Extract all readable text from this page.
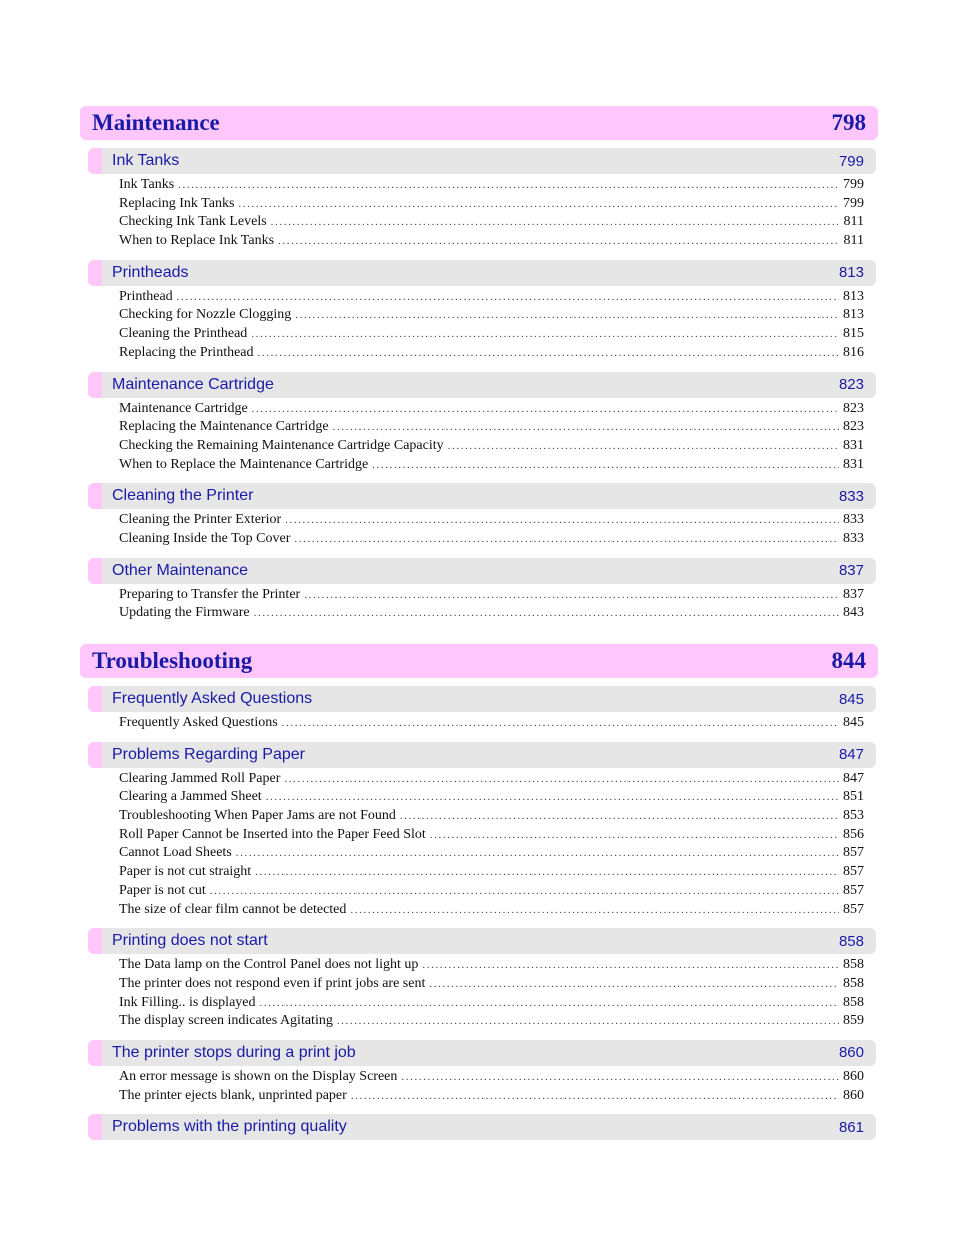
Maintenance	798
Ink Tanks	799
Ink Tanks .....	799
Replacing Ink Tanks .....	799
Checking Ink Tank Levels .....	811
When to Replace Ink Tanks .....	811
Printheads	813
Printhead .....	813
Checking for Nozzle Clogging .....	813
Cleaning the Printhead .....	815
Replacing the Printhead .....	816
Maintenance Cartridge	823
Maintenance Cartridge .....	823
Replacing the Maintenance Cartridge .....	823
Checking the Remaining Maintenance Cartridge Capacity .....	831
When to Replace the Maintenance Cartridge .....	831
Cleaning the Printer	833
Cleaning the Printer Exterior .....	833
Cleaning Inside the Top Cover .....	833
Other Maintenance	837
Preparing to Transfer the Printer .....	837
Updating the Firmware .....	843
Troubleshooting	844
Frequently Asked Questions	845
Frequently Asked Questions .....	845
Problems Regarding Paper	847
Clearing Jammed Roll Paper .....	847
Clearing a Jammed Sheet .....	851
Troubleshooting When Paper Jams are not Found .....	853
Roll Paper Cannot be Inserted into the Paper Feed Slot .....	856
Cannot Load Sheets .....	857
Paper is not cut straight .....	857
Paper is not cut .....	857
The size of clear film cannot be detected .....	857
Printing does not start	858
The Data lamp on the Control Panel does not light up .....	858
The printer does not respond even if print jobs are sent .....	858
Ink Filling.. is displayed .....	858
The display screen indicates Agitating .....	859
The printer stops during a print job	860
An error message is shown on the Display Screen .....	860
The printer ejects blank, unprinted paper .....	860
Problems with the printing quality	861
